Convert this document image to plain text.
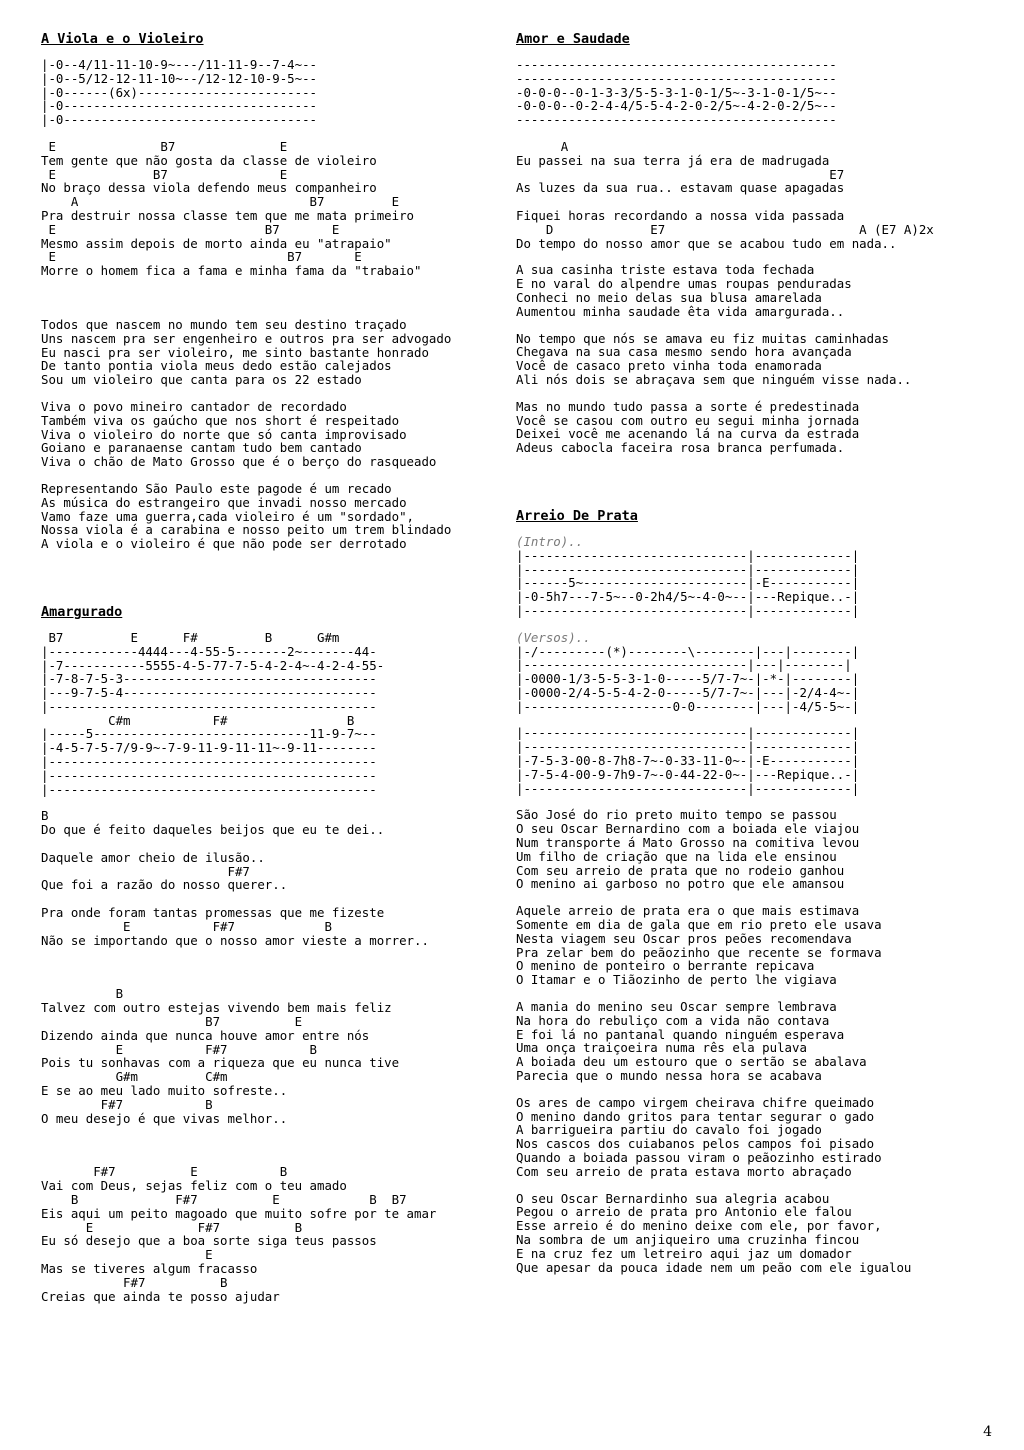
A Viola e o Violeiro
|-0--4/11-11-10-9~---/11-11-9--7-4~--
|-0--5/12-12-11-10~--/12-12-10-9-5~--
|-0------(6x)------------------------
|-0----------------------------------
|-0----------------------------------
E              B7              E
Tem gente que não gosta da classe de violeiro
E             B7               E
No braço dessa viola defendo meus companheiro
A                               B7         E
Pra destruir nossa classe tem que me mata primeiro
E                            B7       E
Mesmo assim depois de morto ainda eu "atrapaio"
E                               B7       E
Morre o homem fica a fama e minha fama da "trabaio"
Todos que nascem no mundo tem seu destino traçado
Uns nascem pra ser engenheiro e outros pra ser advogado
Eu nasci pra ser violeiro, me sinto bastante honrado
De tanto pontia viola meus dedo estão calejados
Sou um violeiro que canta para os 22 estado
Viva o povo mineiro cantador de recordado
Também viva os gaúcho que nos short é respeitado
Viva o violeiro do norte que só canta improvisado
Goiano e paranaense cantam tudo bem cantado
Viva o chão de Mato Grosso que é o berço do rasqueado
Representando São Paulo este pagode é um recado
As música do estrangeiro que invadi nosso mercado
Vamo faze uma guerra,cada violeiro é um "sordado",
Nossa viola é a carabina e nosso peito um trem blindado
A viola e o violeiro é que não pode ser derrotado
Amargurado
B7         E      F#         B      G#m
|------------4444---4-55-5-------2~-------44-
|-7-----------5555-4-5-77-7-5-4-2-4~-4-2-4-55-
|-7-8-7-5-3----------------------------------
|---9-7-5-4----------------------------------
|--------------------------------------------
C#m           F#                B
|-----5-----------------------------11-9-7~--
|-4-5-7-5-7/9-9~-7-9-11-9-11-11~-9-11--------
|--------------------------------------------
|--------------------------------------------
|--------------------------------------------
B
Do que é feito daqueles beijos que eu te dei..

Daquele amor cheio de ilusão..
F#7
Que foi a razão do nosso querer..

Pra onde foram tantas promessas que me fizeste
E           F#7            B
Não se importando que o nosso amor vieste a morrer..
B
Talvez com outro estejas vivendo bem mais feliz
B7          E
Dizendo ainda que nunca houve amor entre nós
E           F#7           B
Pois tu sonhavas com a riqueza que eu nunca tive
G#m         C#m
E se ao meu lado muito sofreste..
F#7           B
O meu desejo é que vivas melhor..
F#7          E           B
Vai com Deus, sejas feliz com o teu amado
B             F#7          E            B  B7
Eis aqui um peito magoado que muito sofre por te amar
E              F#7          B
Eu só desejo que a boa sorte siga teus passos
E
Mas se tiveres algum fracasso
F#7          B
Creias que ainda te posso ajudar
Amor e Saudade
-------------------------------------------
-------------------------------------------
-0-0-0--0-1-3-3/5-5-3-1-0-1/5~-3-1-0-1/5~--
-0-0-0--0-2-4-4/5-5-4-2-0-2/5~-4-2-0-2/5~--
-------------------------------------------
A
Eu passei na sua terra já era de madrugada
E7
As luzes da sua rua.. estavam quase apagadas

Fiquei horas recordando a nossa vida passada
D             E7                          A (E7 A)2x
Do tempo do nosso amor que se acabou tudo em nada..
A sua casinha triste estava toda fechada
E no varal do alpendre umas roupas penduradas
Conheci no meio delas sua blusa amarelada
Aumentou minha saudade êta vida amargurada..
No tempo que nós se amava eu fiz muitas caminhadas
Chegava na sua casa mesmo sendo hora avançada
Você de casaco preto vinha toda enamorada
Ali nós dois se abraçava sem que ninguém visse nada..
Mas no mundo tudo passa a sorte é predestinada
Você se casou com outro eu segui minha jornada
Deixei você me acenando lá na curva da estrada
Adeus cabocla faceira rosa branca perfumada.
Arreio De Prata
(Intro)..
|------------------------------|-------------|
|------------------------------|-------------|
|------5~----------------------|-E-----------|
|-0-5h7---7-5~--0-2h4/5~-4-0~--|---Repique..-|
|------------------------------|-------------|
(Versos)..
|-/---------(*)--------\--------|---|--------|
|------------------------------|---|--------|
|-0000-1/3-5-5-3-1-0-----5/7-7~-|-*-|--------|
|-0000-2/4-5-5-4-2-0-----5/7-7~-|---|-2/4-4~-|
|--------------------0-0--------|---|-4/5-5~-|
|------------------------------|-------------|
|------------------------------|-------------|
|-7-5-3-00-8-7h8-7~-0-33-11-0~-|-E-----------|
|-7-5-4-00-9-7h9-7~-0-44-22-0~-|---Repique..-|
|------------------------------|-------------|
São José do rio preto muito tempo se passou
O seu Oscar Bernardino com a boiada ele viajou
Num transporte á Mato Grosso na comitiva levou
Um filho de criação que na lida ele ensinou
Com seu arreio de prata que no rodeio ganhou
O menino ai garboso no potro que ele amansou
Aquele arreio de prata era o que mais estimava
Somente em dia de gala que em rio preto ele usava
Nesta viagem seu Oscar pros peões recomendava
Pra zelar bem do peãozinho que recente se formava
O menino de ponteiro o berrante repicava
O Itamar e o Tiãozinho de perto lhe vigiava
A mania do menino seu Oscar sempre lembrava
Na hora do rebuliço com a vida não contava
E foi lá no pantanal quando ninguém esperava
Uma onça traiçoeira numa rês ela pulava
A boiada deu um estouro que o sertão se abalava
Parecia que o mundo nessa hora se acabava
Os ares de campo virgem cheirava chifre queimado
O menino dando gritos para tentar segurar o gado
A barrigueira partiu do cavalo foi jogado
Nos cascos dos cuiabanos pelos campos foi pisado
Quando a boiada passou viram o peãozinho estirado
Com seu arreio de prata estava morto abraçado
O seu Oscar Bernardinho sua alegria acabou
Pegou o arreio de prata pro Antonio ele falou
Esse arreio é do menino deixe com ele, por favor,
Na sombra de um anjiqueiro uma cruzinha fincou
E na cruz fez um letreiro aqui jaz um domador
Que apesar da pouca idade nem um peão com ele igualou
4
